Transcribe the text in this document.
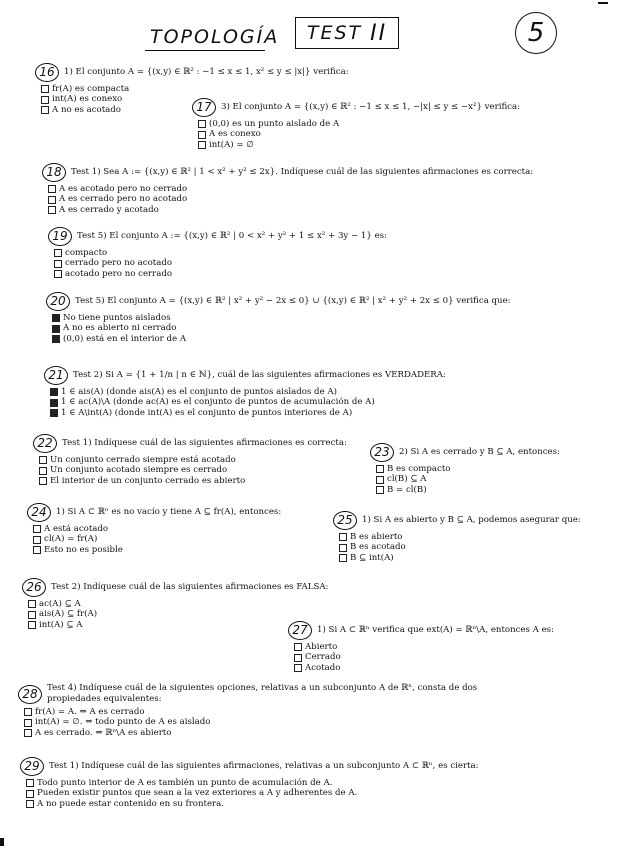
TOPOLOGÍA TEST II	5
16	1) El conjunto A = {(x,y) ∈ ℝ² : −1 ≤ x ≤ 1, x² ≤ y ≤ |x|} verifica:
fr(A) es compacta
int(A) es conexo
A no es acotado	17	3) El conjunto A = {(x,y) ∈ ℝ² : −1 ≤ x ≤ 1, −|x| ≤ y ≤ −x²} verifica:
(0,0) es un punto aislado de A
A es conexo
int(A) = ∅
18	Test 1) Sea A := {(x,y) ∈ ℝ² | 1 < x² + y² ≤ 2x}. Indíquese cuál de las siguientes afirmaciones es correcta:
A es acotado pero no cerrado
A es cerrado pero no acotado
A es cerrado y acotado
19	Test 5) El conjunto A := {(x,y) ∈ ℝ² | 0 < x² + y² + 1 ≤ x² + 3y − 1} es:
compacto
cerrado pero no acotado
acotado pero no cerrado
20	Test 5) El conjunto A = {(x,y) ∈ ℝ² | x² + y² − 2x ≤ 0} ∪ {(x,y) ∈ ℝ² | x² + y² + 2x ≤ 0} verifica que:
No tiene puntos aislados
A no es abierto ni cerrado
(0,0) está en el interior de A
21	Test 2) Si A = {1 + 1/n | n ∈ ℕ}, cuál de las siguientes afirmaciones es VERDADERA:
1 ∈ ais(A) (donde ais(A) es el conjunto de puntos aislados de A)
1 ∈ ac(A)\A (donde ac(A) es el conjunto de puntos de acumulación de A)
1 ∈ A\int(A) (donde int(A) es el conjunto de puntos interiores de A)
22	Test 1) Indíquese cuál de las siguientes afirmaciones es correcta:
Un conjunto cerrado siempre está acotado
Un conjunto acotado siempre es cerrado
El interior de un conjunto cerrado es abierto
23	2) Si A es cerrado y B ⊆ A, entonces:
B es compacto
cl(B) ⊆ A
B = cl(B)
24	1) Si A ⊂ ℝⁿ es no vacío y tiene A ⊆ fr(A), entonces:
A está acotado
cl(A) = fr(A)
Esto no es posible
25	1) Si A es abierto y B ⊆ A, podemos asegurar que:
B es abierto
B es acotado
B ⊆ int(A)
26	Test 2) Indíquese cuál de las siguientes afirmaciones es FALSA:
ac(A) ⊆ A
ais(A) ⊆ fr(A)
int(A) ⊆ A	27	1) Si A ⊂ ℝⁿ verifica que ext(A) = ℝⁿ\A, entonces A es:
Abierto
Cerrado
Acotado
28	Test 4) Indíquese cuál de la siguientes opciones, relativas a un subconjunto A de ℝⁿ, consta de dos propiedades equivalentes:
fr(A) = A. ⇔ A es cerrado
int(A) = ∅. ⇔ todo punto de A es aislado
A es cerrado. ⇔ ℝⁿ\A es abierto
29	Test 1) Indíquese cuál de las siguientes afirmaciones, relativas a un subconjunto A ⊂ ℝⁿ, es cierta:
Todo punto interior de A es también un punto de acumulación de A.
Pueden existir puntos que sean a la vez exteriores a A y adherentes de A.
A no puede estar contenido en su frontera.
